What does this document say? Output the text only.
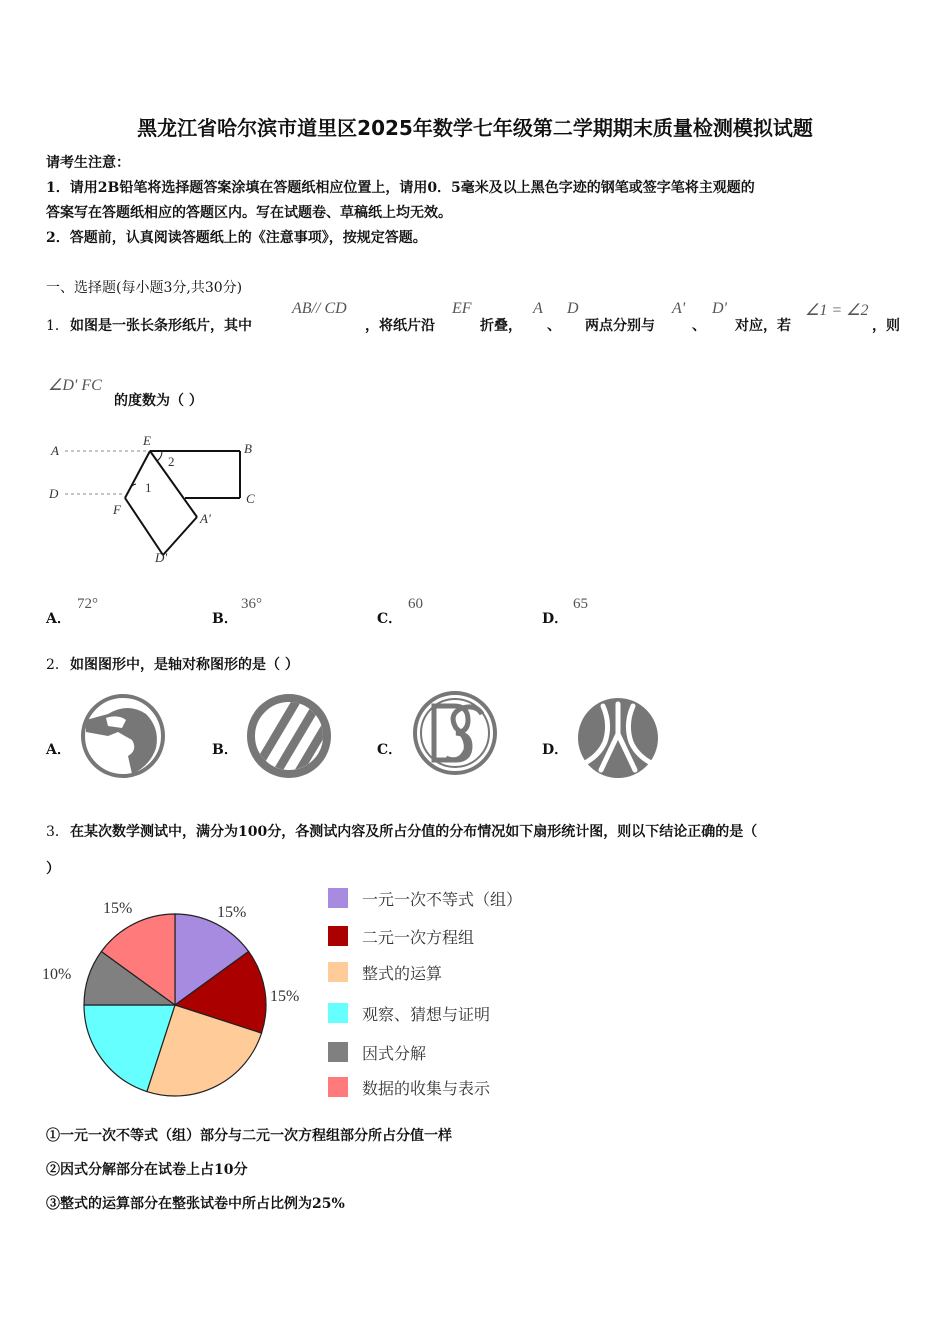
黑龙江省哈尔滨市道里区2025年数学七年级第二学期期末质量检测模拟试题
请考生注意：
1．请用2B铅笔将选择题答案涂填在答题纸相应位置上，请用0．5毫米及以上黑色字迹的钢笔或签字笔将主观题的
答案写在答题纸相应的答题区内。写在试题卷、草稿纸上均无效。
2．答题前，认真阅读答题纸上的《注意事项》，按规定答题。
一、选择题(每小题3分,共30分)
1． 如图是一张长条形纸片，其中
AB// CD
，将纸片沿
EF
折叠，
A
、
D
两点分别与
A'
、
D'
对应，若
∠1 = ∠2
，则
∠D' FC
的度数为（ ）
A	B
C
D
E
F
A'
D'
2
1
A．
72°
B．
36°
C．
60
D．
65
2． 如图图形中，是轴对称图形的是（ ）
A．	B．	C．	D．
3． 在某次数学测试中，满分为100分，各测试内容及所占分值的分布情况如下扇形统计图，则以下结论正确的是（
）
15%
15%
10%
15%	一元一次不等式（组）
二元一次方程组
整式的运算
观察、猜想与证明
因式分解
数据的收集与表示
①一元一次不等式（组）部分与二元一次方程组部分所占分值一样
②因式分解部分在试卷上占10分
③整式的运算部分在整张试卷中所占比例为25%
